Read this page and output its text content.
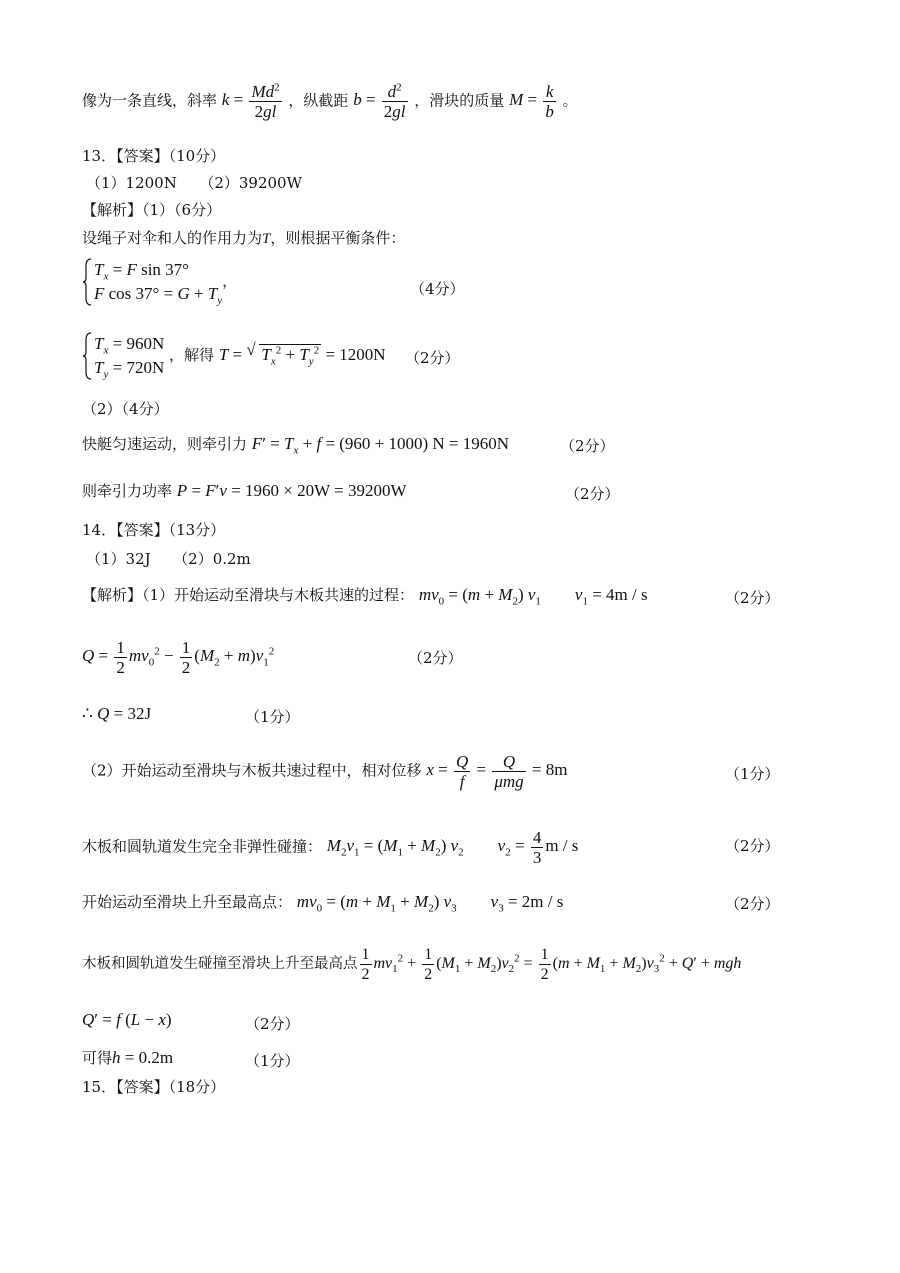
像为一条直线，斜率 $k = \frac{Md^2}{2gl}$ ，纵截距 $b = \frac{d^2}{2gl}$ ，滑块的质量 $M = \frac{k}{b}$ 。
13．【答案】（10分）
（1）1200N　　（2）39200W
【解析】（1）（6分）
设绳子对伞和人的作用力为T，则根据平衡条件：
$T_x = F$ sin 37°
F $\cos 37^\circ = G + T_y$
，	（4分）
$T_x = 960N$
$T_y = 720N$
，解得 T = √ $T_x^2 + T_y^2 = 1200N$ （2分）
（2）（4分）
快艇匀速运动，则牵引力 $F' = T_x + f = (960 + 1000) N = 1960N$	（2分）
则牵引力功率 P = F′v = 1960 × 20W = 39200W	（2分）
14．【答案】（13分）
（1）32J　　（2）0.2m
【解析】（1）开始运动至滑块与木板共速的过程： $mv_0 = (m + M_2)$ $v_1$　　 $v_1 = 4m / s$	（2分）
$Q = \frac{1}{2} mv_0^2 - \frac{1}{2} (M_2 + m)v_1^2$	（2分）
∴ Q = 32J	（1分）
（2）开始运动至滑块与木板共速过程中，相对位移 $x = \frac{Q}{f} = Q$
μmg
= 8m	（1分）
木板和圆轨道发生完全非弹性碰撞： $M_2v_1 = (M_1 + M_2)$ $v_2$　　 $v_2 = \frac{4}{3}$ m / s	（2分）
开始运动至滑块上升至最高点： $mv_0 = (m + M_1 + M_2)$ $v_3$　　 $v_3 = 2m / s$	（2分）
木板和圆轨道发生碰撞至滑块上升至最高点 $\frac{1}{2} mv_1^2 + \frac{1}{2} (M_1 + M_2)v_2^2 = \frac{1}{2} (m + M_1 + M_2)v_3^2 + Q'$ + mgh
Q′ = f (L − x)	（2分）
可得h = 0.2m	（1分）
15．【答案】（18分）
